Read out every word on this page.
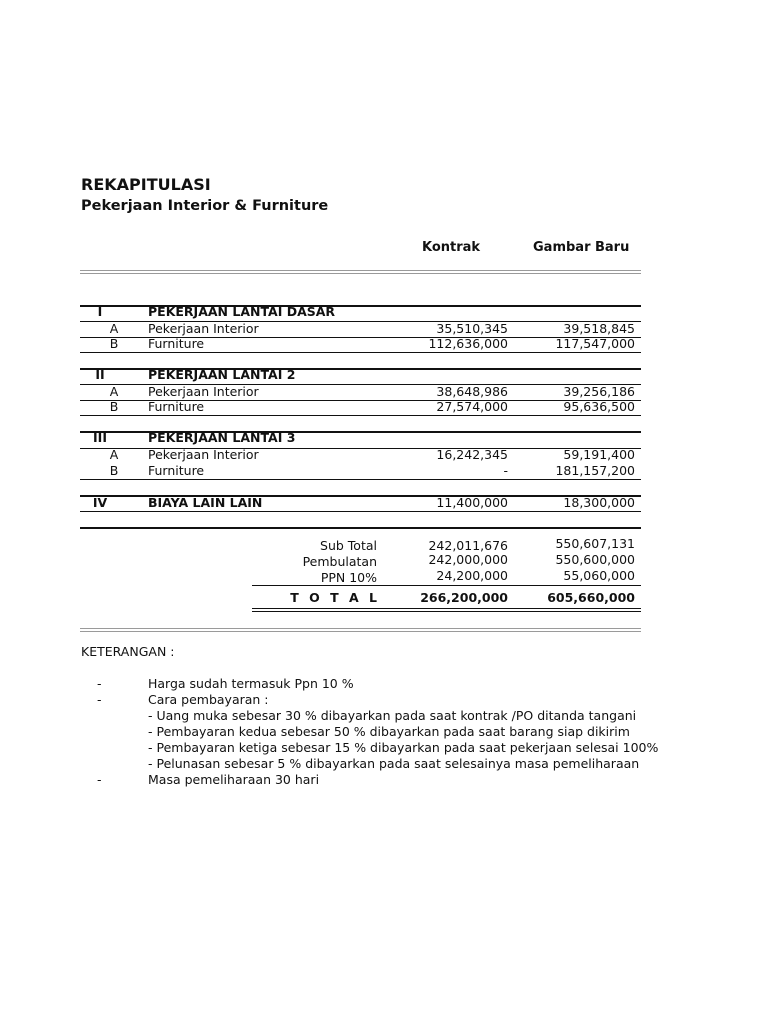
REKAPITULASI
Pekerjaan Interior & Furniture
Kontrak	Gambar Baru
I	PEKERJAAN LANTAI DASAR
A	Pekerjaan Interior	35,510,345	39,518,845
B	Furniture	112,636,000	117,547,000
II	PEKERJAAN LANTAI 2
A	Pekerjaan Interior	38,648,986	39,256,186
B	Furniture	27,574,000	95,636,500
III	PEKERJAAN LANTAI 3
A	Pekerjaan Interior	16,242,345	59,191,400
B	Furniture	-	181,157,200
IV	BIAYA LAIN LAIN	11,400,000	18,300,000
Sub Total	242,011,676	550,607,131
Pembulatan	242,000,000	550,600,000
PPN 10%	24,200,000	55,060,000
T O T A L	266,200,000	605,660,000
KETERANGAN :
-	Harga sudah termasuk Ppn 10 %
-	Cara pembayaran :
- Uang muka sebesar 30 % dibayarkan pada saat kontrak /PO ditanda tangani
- Pembayaran kedua sebesar 50 % dibayarkan pada saat barang siap dikirim
- Pembayaran ketiga sebesar 15 % dibayarkan pada saat pekerjaan selesai 100%
- Pelunasan sebesar 5 % dibayarkan pada saat selesainya masa pemeliharaan
-	Masa pemeliharaan 30 hari
